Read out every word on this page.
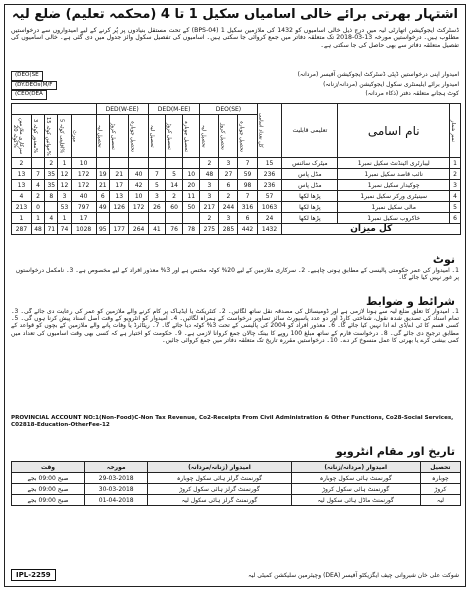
اشتہار بھرتی برائے خالی اسامیاں سکیل 1 تا 4 (محکمہ تعلیم) ضلع لیہ
ڈسٹرکٹ ایجوکیشن اتھارٹی لیہ میں درج ذیل خالی اسامیوں کو 1432 کی ملازمین سکیل 1 (BPS-04) کے تحت مستقل بنیادوں پر پُر کرنے کے لیے امیدواروں سے درخواستیں مطلوب ہیں۔ درخواستیں مورخہ 13-03-2018 تک متعلقہ دفاتر میں جمع کروائی جا سکتی ہیں۔ اسامیوں کی تفصیل سکول وائز جدول میں دی گئی ہے۔ خالی اسامیوں کی تفصیل متعلقہ دفاتر سے بھی حاصل کی جا سکتی ہے۔
امیدوار اپنی درخواستیں ڈپٹی ڈسٹرکٹ ایجوکیشن آفیسر (مردانہ)
(DEO(SE
امیدوار برائے ایلیمنٹری سکول ایجوکیشن (مردانہ/زنانہ)
(DY.DEOs(M/F
کوٹ ہجانے متعلقہ دفتر (ذکاء مردانہ)
(CEO(DEA
					DED(W-EE)			DED(M-EE)			DEO(SE)			کل تعداد اسامی	تعلیمی قابلیت	نام اسامی	نمبر شمار

سرکاری ملازمین کوٹہ 20%	معذور کوٹہ 3%	خواتین کوٹہ 15%	اقلیتی کوٹہ 5%	میرٹ	تحصیل لیہ	تحصیل کروڑ	تحصیل چوبارہ	تحصیل لیہ	تحصیل کروڑ	تحصیل چوبارہ	تحصیل لیہ	تحصیل کروڑ	تحصیل چوبارہ				

2		2	1	10							2	3	7	15	میٹرک سائنس	لیبارٹری اٹینڈنٹ سکیل نمبر1	1
13	7	35	12	172	19	21	40	7	5	10	48	27	59	236	مڈل پاس	نائب قاصد سکیل نمبر1	2
13	4	35	12	172	21	17	42	5	14	20	3	6	98	236	مڈل پاس	چوکیدار سکیل نمبر1	3
4	2	8	3	40	6	13	10	3	2	11	3	2	7	57	پڑھا لکھا	سینیٹری ورکر سکیل نمبر1	4
213	0		53	797	49	126	172	26	60	50	217	244	316	1063	پڑھا لکھا	مالی سکیل نمبر1	5
1	1	4	1	17							2	3	6	24	پڑھا لکھا	خاکروب سکیل نمبر1	6
287	48	71	74	1028	95	177	264	41	76	78	275	285	442	1432	کل میزان		
نوٹ
1۔ امیدوار کی عمر حکومتی پالیسی کے مطابق ہونی چاہیے۔ 2۔ سرکاری ملازمین کے لیے 20% کوٹہ مختص ہے اور 3% معذور افراد کے لیے مخصوص ہے۔ 3۔ نامکمل درخواستوں پر غور نہیں کیا جائے گا۔
شرائط و ضوابط
1۔ امیدوار کا تعلق ضلع لیہ سے ہونا لازمی ہے اور ڈومیسائل کی مصدقہ نقل ساتھ لگائیں۔ 2۔ کنٹریکٹ یا ایڈہاک پر کام کرنے والے ملازمین کو عمر کی رعایت دی جائے گی۔ 3۔ تمام اسناد کی تصدیق شدہ نقول، شناختی کارڈ اور دو عدد پاسپورٹ سائز تصاویر درخواست کے ہمراہ لگائیں۔ 4۔ امیدوار کو انٹرویو کے وقت اصل اسناد پیش کرنا ہوں گی۔ 5۔ کسی قسم کا ٹی اے/ڈی اے ادا نہیں کیا جائے گا۔ 6۔ معذور افراد کو 2004 کی پالیسی کے تحت 3% کوٹہ دیا جائے گا۔ 7۔ ریٹائرڈ یا وفات پانے والے ملازمین کے بچوں کو قواعد کے مطابق ترجیح دی جائے گی۔ 8۔ درخواست فارم کے ساتھ مبلغ 100 روپے کا بینک چالان جمع کروانا لازمی ہے۔ 9۔ حکومت کو اختیار ہے کہ کسی بھی وقت اسامیوں کی تعداد میں کمی بیشی کرے یا بھرتی کا عمل منسوخ کر دے۔ 10۔ درخواستیں مقررہ تاریخ تک متعلقہ دفاتر میں جمع کروائی جائیں۔
PROVINCIAL ACCOUNT NO:1(Non-Food)C-Non Tax Revenue, Co2-Receipts From Civil Administration & Other Functions, Co28-Social Services, C02818-Education-OtherFee-12
تاریخ اور مقام انٹرویو
تحصیل	امیدوار (مردانہ/زنانہ)	امیدوار (زنانہ/مردانہ)	مورخہ	وقت
چوبارہ	گورنمنٹ ہائی سکول چوبارہ	گورنمنٹ گرلز ہائی سکول چوبارہ	29-03-2018	صبح 09:00 بجے
کروڑ	گورنمنٹ ہائی سکول کروڑ	گورنمنٹ گرلز ہائی سکول کروڑ	30-03-2018	صبح 09:00 بجے
لیہ	گورنمنٹ ماڈل ہائی سکول لیہ	گورنمنٹ گرلز ہائی سکول لیہ	01-04-2018	صبح 09:00 بجے
IPL-2259	شوکت علی خان شیروانی چیف ایگزیکٹو آفیسر (DEA) وچیئرمین سلیکشن کمیٹی لیہ
